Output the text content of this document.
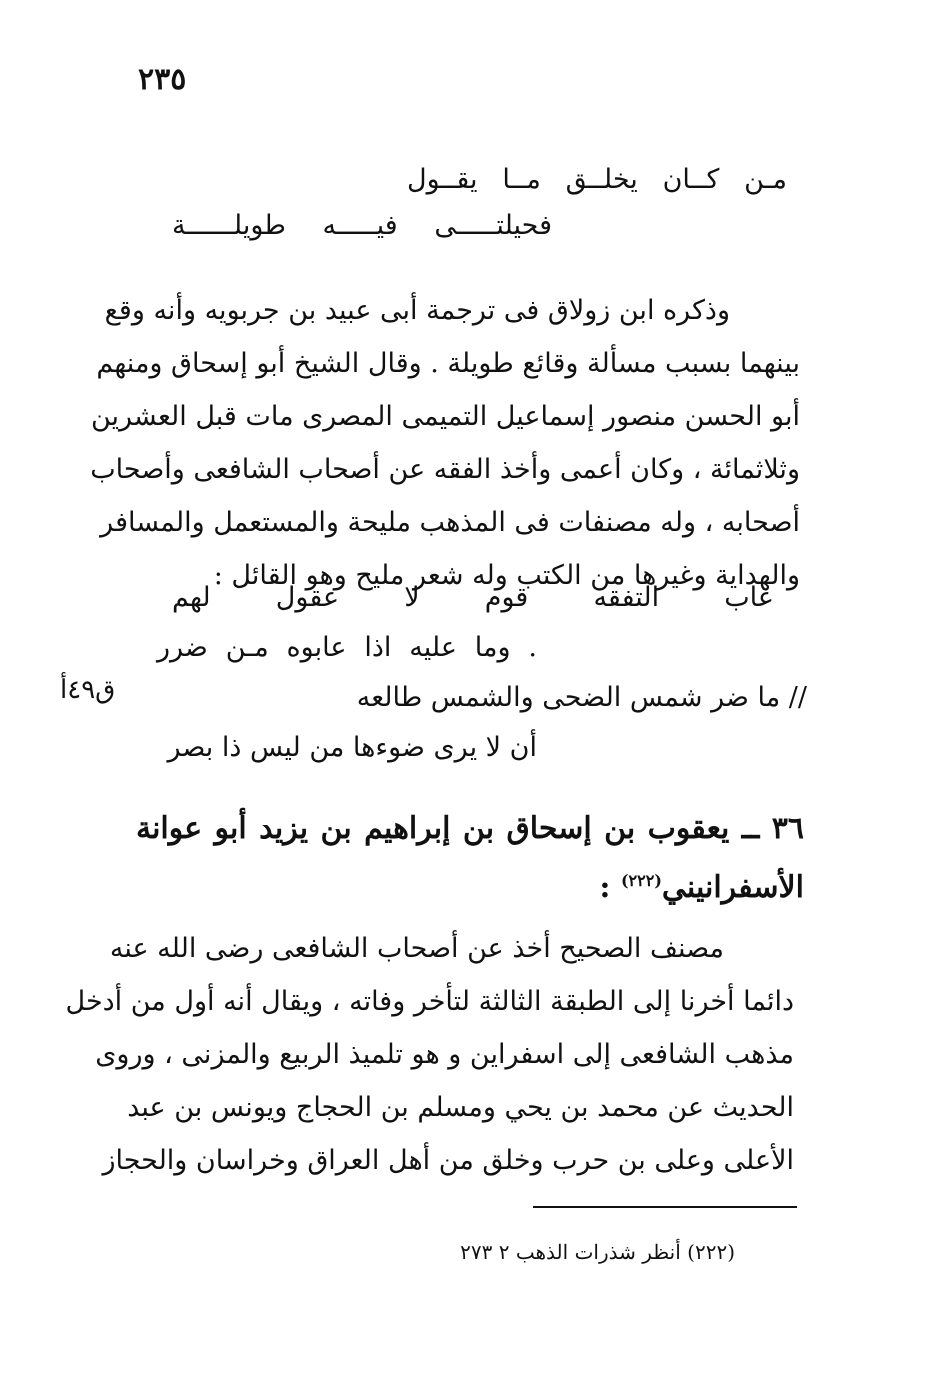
٢٣٥
مـن كــان يخلــق مــا يقــول
فحيلتـــــى فيـــــه طويلــــــة
وذكره ابن زولاق فى ترجمة أبى عبيد بن جربويه وأنه وقع
بينهما بسبب مسألة وقائع طويلة . وقال الشيخ أبو إسحاق ومنهم
أبو الحسن منصور إسماعيل التميمى المصرى مات قبل العشرين
وثلاثمائة ، وكان أعمى وأخذ الفقه عن أصحاب الشافعى وأصحاب
أصحابه ، وله مصنفات فى المذهب مليحة والمستعمل والمسافر
والهداية وغيرها من الكتب وله شعر مليح وهو القائل :
غاب التفقه قوم لا عقول لهم
. وما عليه اذا عابوه مـن ضرر
// ما ضر شمس الضحى والشمس طالعه
أن لا يرى ضوءها من ليس ذا بصر
ق٤٩أ
٣٦ ــ يعقوب بن إسحاق بن إبراهيم بن يزيد أبو عوانة
الأسفرانيني$^{(٢٢٢)}$ :
مصنف الصحيح أخذ عن أصحاب الشافعى رضى الله عنه
دائما أخرنا إلى الطبقة الثالثة لتأخر وفاته ، ويقال أنه أول من أدخل
مذهب الشافعى إلى اسفراين و هو تلميذ الربيع والمزنى ، وروى
الحديث عن محمد بن يحي ومسلم بن الحجاج ويونس بن عبد
الأعلى وعلى بن حرب وخلق من أهل العراق وخراسان والحجاز
(٢٢٢) أنظر شذرات الذهب ٢ ٢٧٣
